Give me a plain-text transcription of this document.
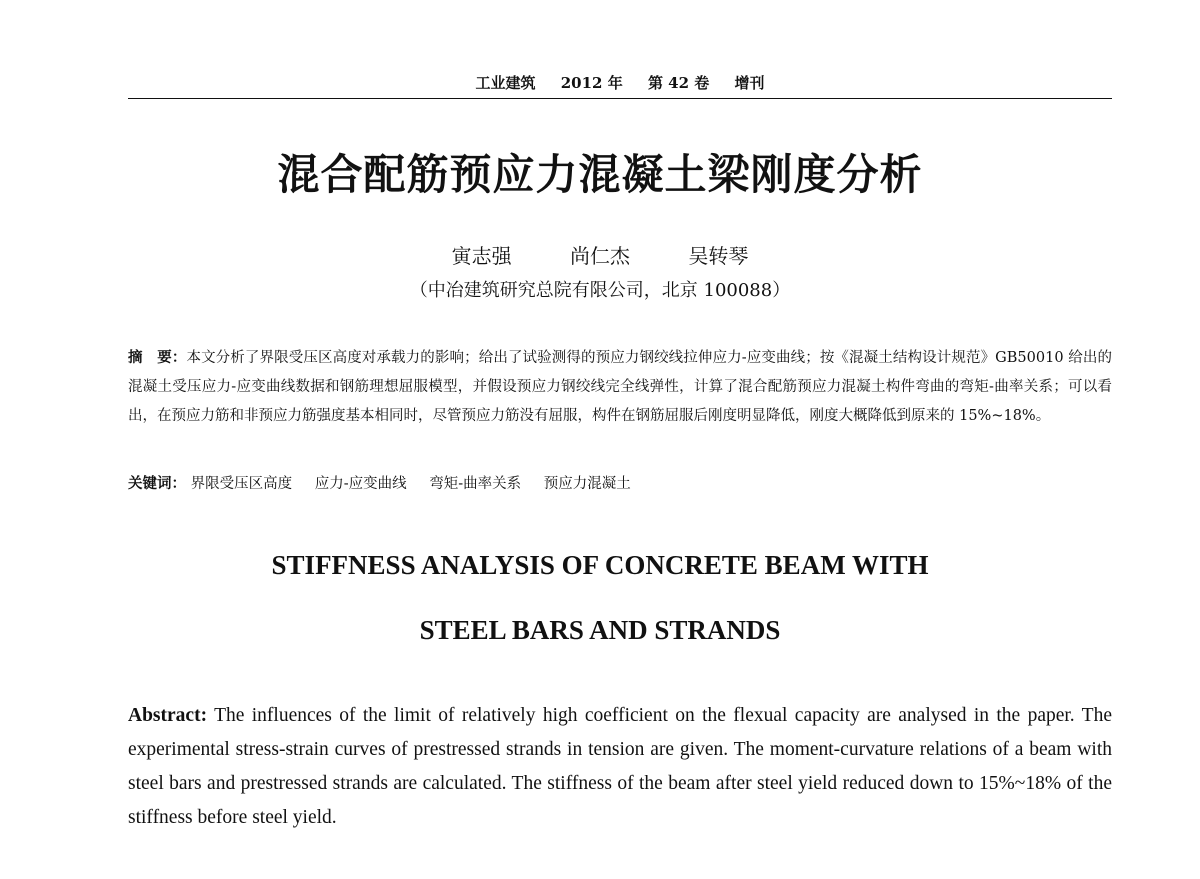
工业建筑 2012 年 第 42 卷 增刊
混合配筋预应力混凝土梁刚度分析
寅志强	尚仁杰	吴转琴
（中冶建筑研究总院有限公司，北京 100088）
摘　要：本文分析了界限受压区高度对承载力的影响；给出了试验测得的预应力钢绞线拉伸应力-应变曲线；按《混凝土结构设计规范》GB50010 给出的混凝土受压应力-应变曲线数据和钢筋理想屈服模型，并假设预应力钢绞线完全线弹性，计算了混合配筋预应力混凝土构件弯曲的弯矩-曲率关系；可以看出，在预应力筋和非预应力筋强度基本相同时，尽管预应力筋没有屈服，构件在钢筋屈服后刚度明显降低，刚度大概降低到原来的 15%~18%。
关键词： 界限受压区高度 应力-应变曲线 弯矩-曲率关系 预应力混凝土
STIFFNESS ANALYSIS OF CONCRETE BEAM WITH
STEEL BARS AND STRANDS
Abstract: The influences of the limit of relatively high coefficient on the flexual capacity are analysed in the paper. The experimental stress-strain curves of prestressed strands in tension are given. The moment-curvature relations of a beam with steel bars and prestressed strands are calculated. The stiffness of the beam after steel yield reduced down to 15%~18% of the stiffness before steel yield.
